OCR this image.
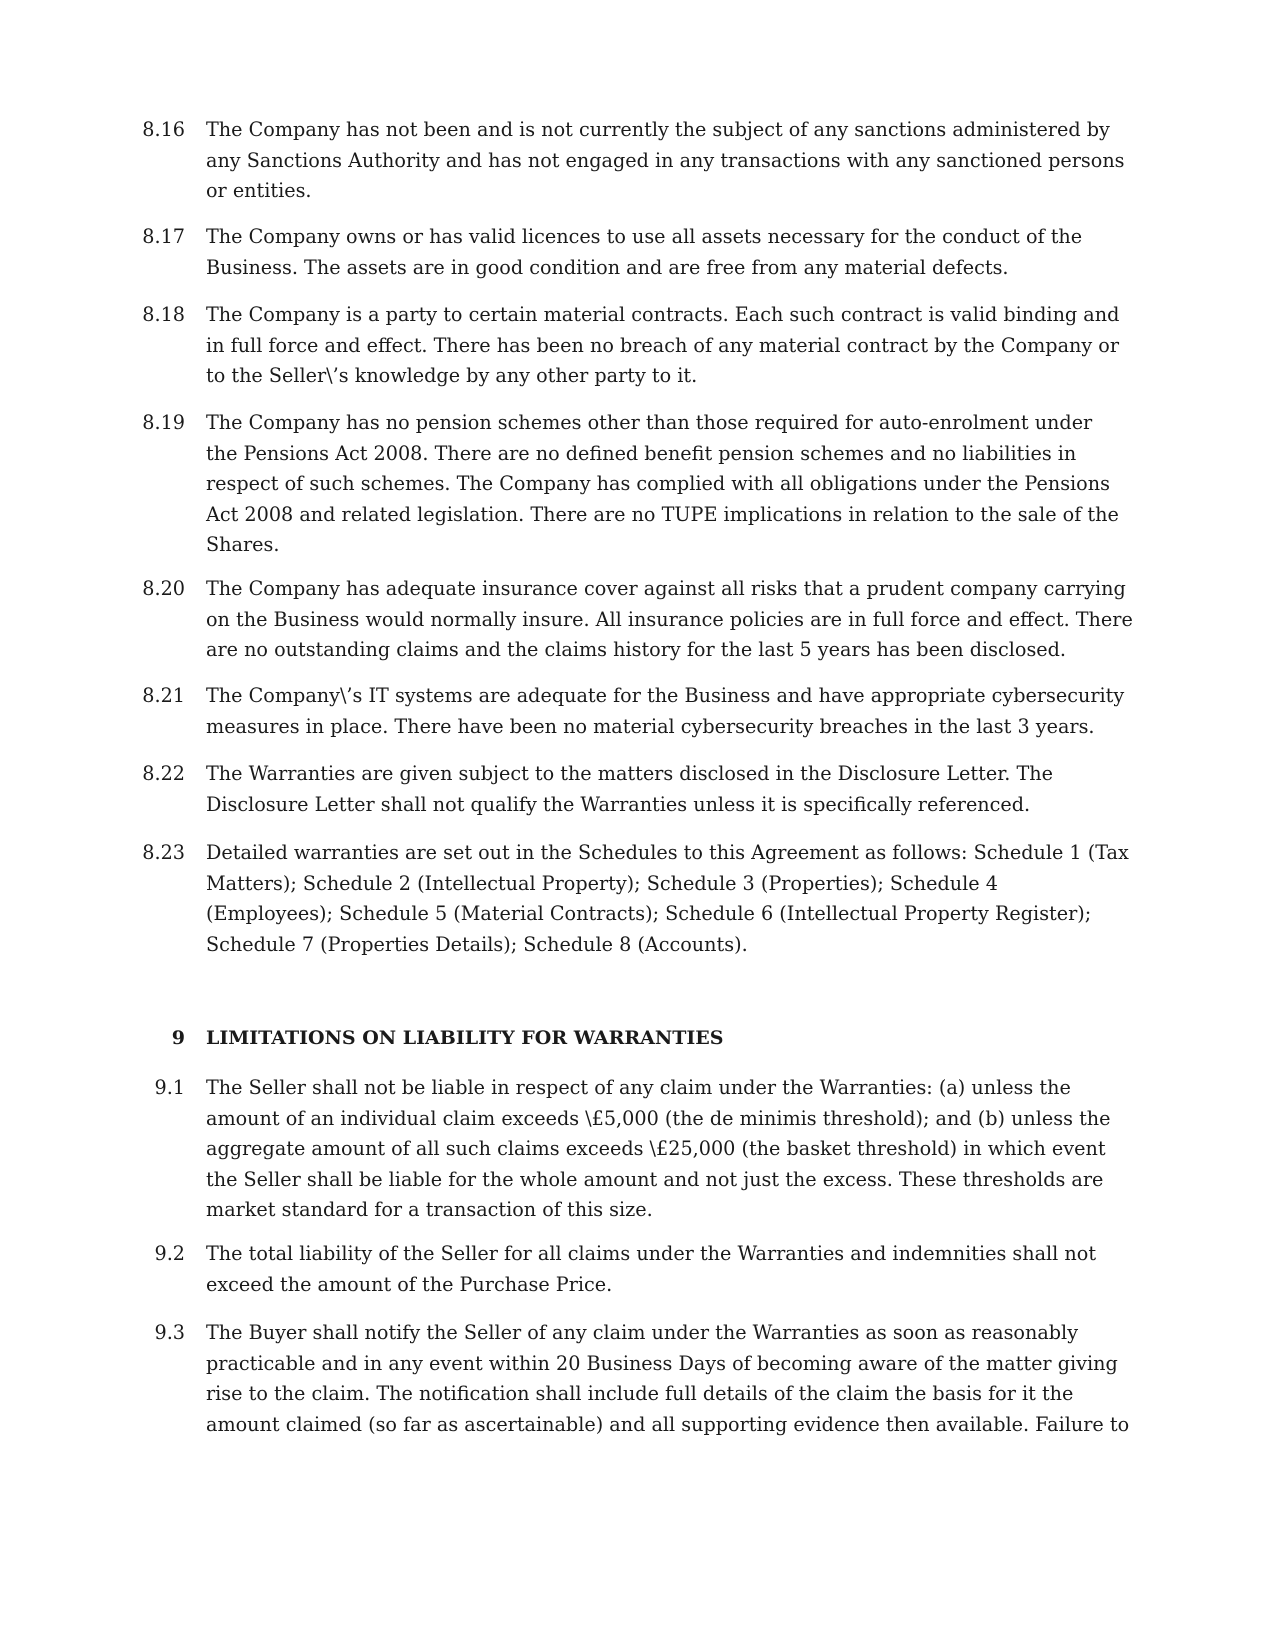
8.16 The Company has not been and is not currently the subject of any sanctions administered by
any Sanctions Authority and has not engaged in any transactions with any sanctioned persons
or entities.
8.17 The Company owns or has valid licences to use all assets necessary for the conduct of the
Business. The assets are in good condition and are free from any material defects.
8.18 The Company is a party to certain material contracts. Each such contract is valid binding and
in full force and effect. There has been no breach of any material contract by the Company or
to the Seller\’s knowledge by any other party to it.
8.19 The Company has no pension schemes other than those required for auto-enrolment under
the Pensions Act 2008. There are no defined benefit pension schemes and no liabilities in
respect of such schemes. The Company has complied with all obligations under the Pensions
Act 2008 and related legislation. There are no TUPE implications in relation to the sale of the
Shares.
8.20 The Company has adequate insurance cover against all risks that a prudent company carrying
on the Business would normally insure. All insurance policies are in full force and effect. There
are no outstanding claims and the claims history for the last 5 years has been disclosed.
8.21 The Company\’s IT systems are adequate for the Business and have appropriate cybersecurity
measures in place. There have been no material cybersecurity breaches in the last 3 years.
8.22 The Warranties are given subject to the matters disclosed in the Disclosure Letter. The
Disclosure Letter shall not qualify the Warranties unless it is specifically referenced.
8.23 Detailed warranties are set out in the Schedules to this Agreement as follows: Schedule 1 (Tax
Matters); Schedule 2 (Intellectual Property); Schedule 3 (Properties); Schedule 4
(Employees); Schedule 5 (Material Contracts); Schedule 6 (Intellectual Property Register);
Schedule 7 (Properties Details); Schedule 8 (Accounts).
9 LIMITATIONS ON LIABILITY FOR WARRANTIES
9.1 The Seller shall not be liable in respect of any claim under the Warranties: (a) unless the
amount of an individual claim exceeds \£5,000 (the de minimis threshold); and (b) unless the
aggregate amount of all such claims exceeds \£25,000 (the basket threshold) in which event
the Seller shall be liable for the whole amount and not just the excess. These thresholds are
market standard for a transaction of this size.
9.2 The total liability of the Seller for all claims under the Warranties and indemnities shall not
exceed the amount of the Purchase Price.
9.3 The Buyer shall notify the Seller of any claim under the Warranties as soon as reasonably
practicable and in any event within 20 Business Days of becoming aware of the matter giving
rise to the claim. The notification shall include full details of the claim the basis for it the
amount claimed (so far as ascertainable) and all supporting evidence then available. Failure to
